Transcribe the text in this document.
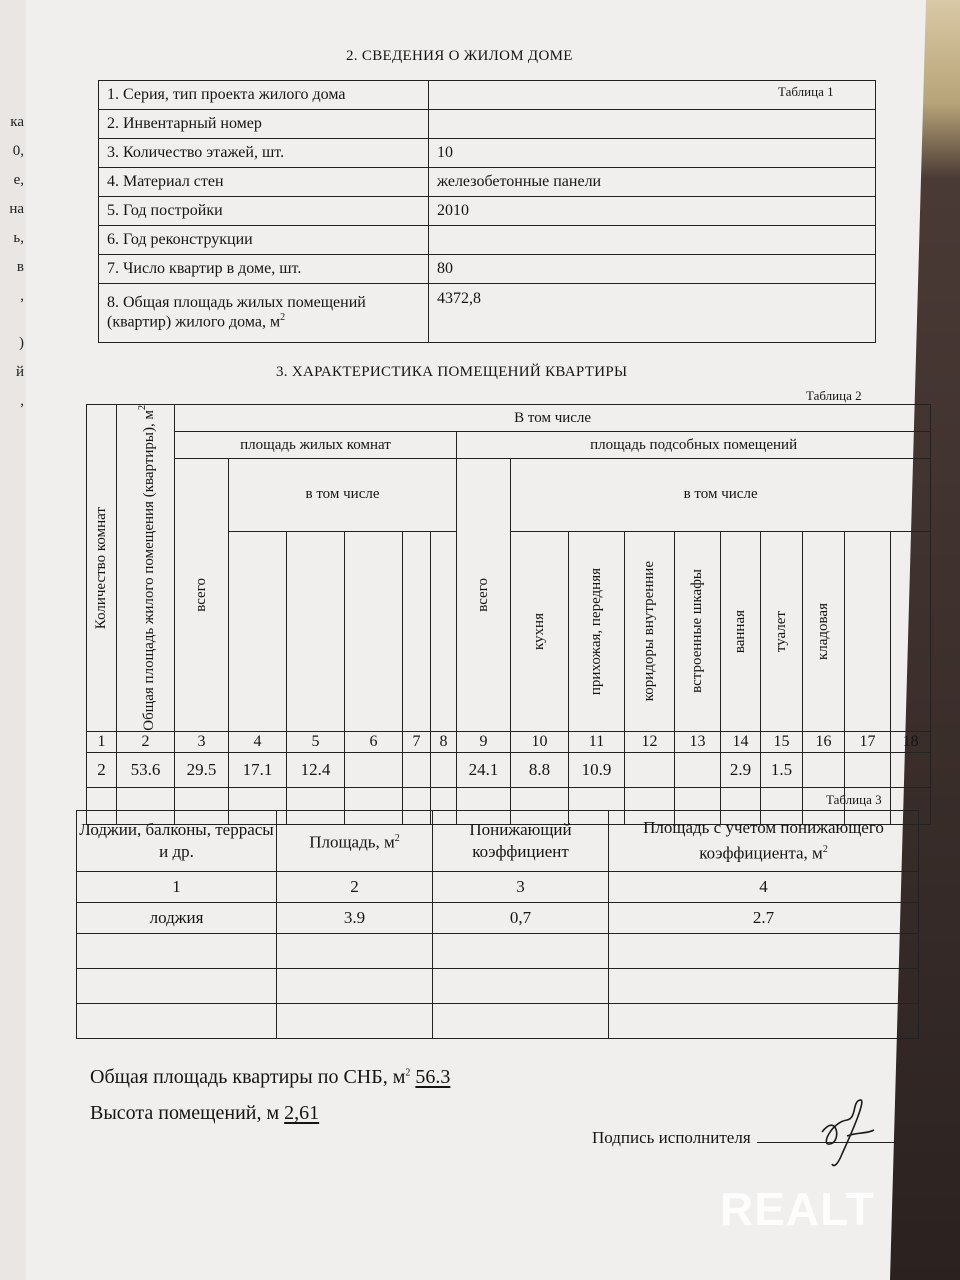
ка
0,
е,
на
ь,
в
,
)
й
,
2. СВЕДЕНИЯ О ЖИЛОМ ДОМЕ
Таблица 1
1. Серия, тип проекта жилого дома	
2. Инвентарный номер	
3. Количество этажей, шт.	10
4. Материал стен	железобетонные панели
5. Год постройки	2010
6. Год реконструкции	
7. Число квартир в доме, шт.	80
8. Общая площадь жилых помещений (квартир) жилого дома, $м^2$	4372,8
3. ХАРАКТЕРИСТИКА ПОМЕЩЕНИЙ КВАРТИРЫ
Таблица 2
Количество комнат	Общая площадь жилого помещения (квартиры), $м^2$	В том числе															
		площадь жилых комнат						площадь подсобных помещений									

		всего	в том числе					всего	в том числе								

									кухня	прихожая, передняя	коридоры внутренние	встроенные шкафы	ванная	туалет	кладовая		

1	2	3	4	5	6	7	8	9	10	11	12	13	14	15	16	17	18
2	53.6	29.5	17.1	12.4				24.1	8.8	10.9			2.9	1.5			

Таблица 3
Лоджии, балконы, террасы и др.	Площадь, $м^2$	Понижающий коэффициент	Площадь с учетом понижающего коэффициента, $м^2$
1	2	3	4
лоджия	3.9	0,7	2.7

Общая площадь квартиры по СНБ, $м^2$ 56.3
Высота помещений, м 2,61
Подпись исполнителя
REALT
